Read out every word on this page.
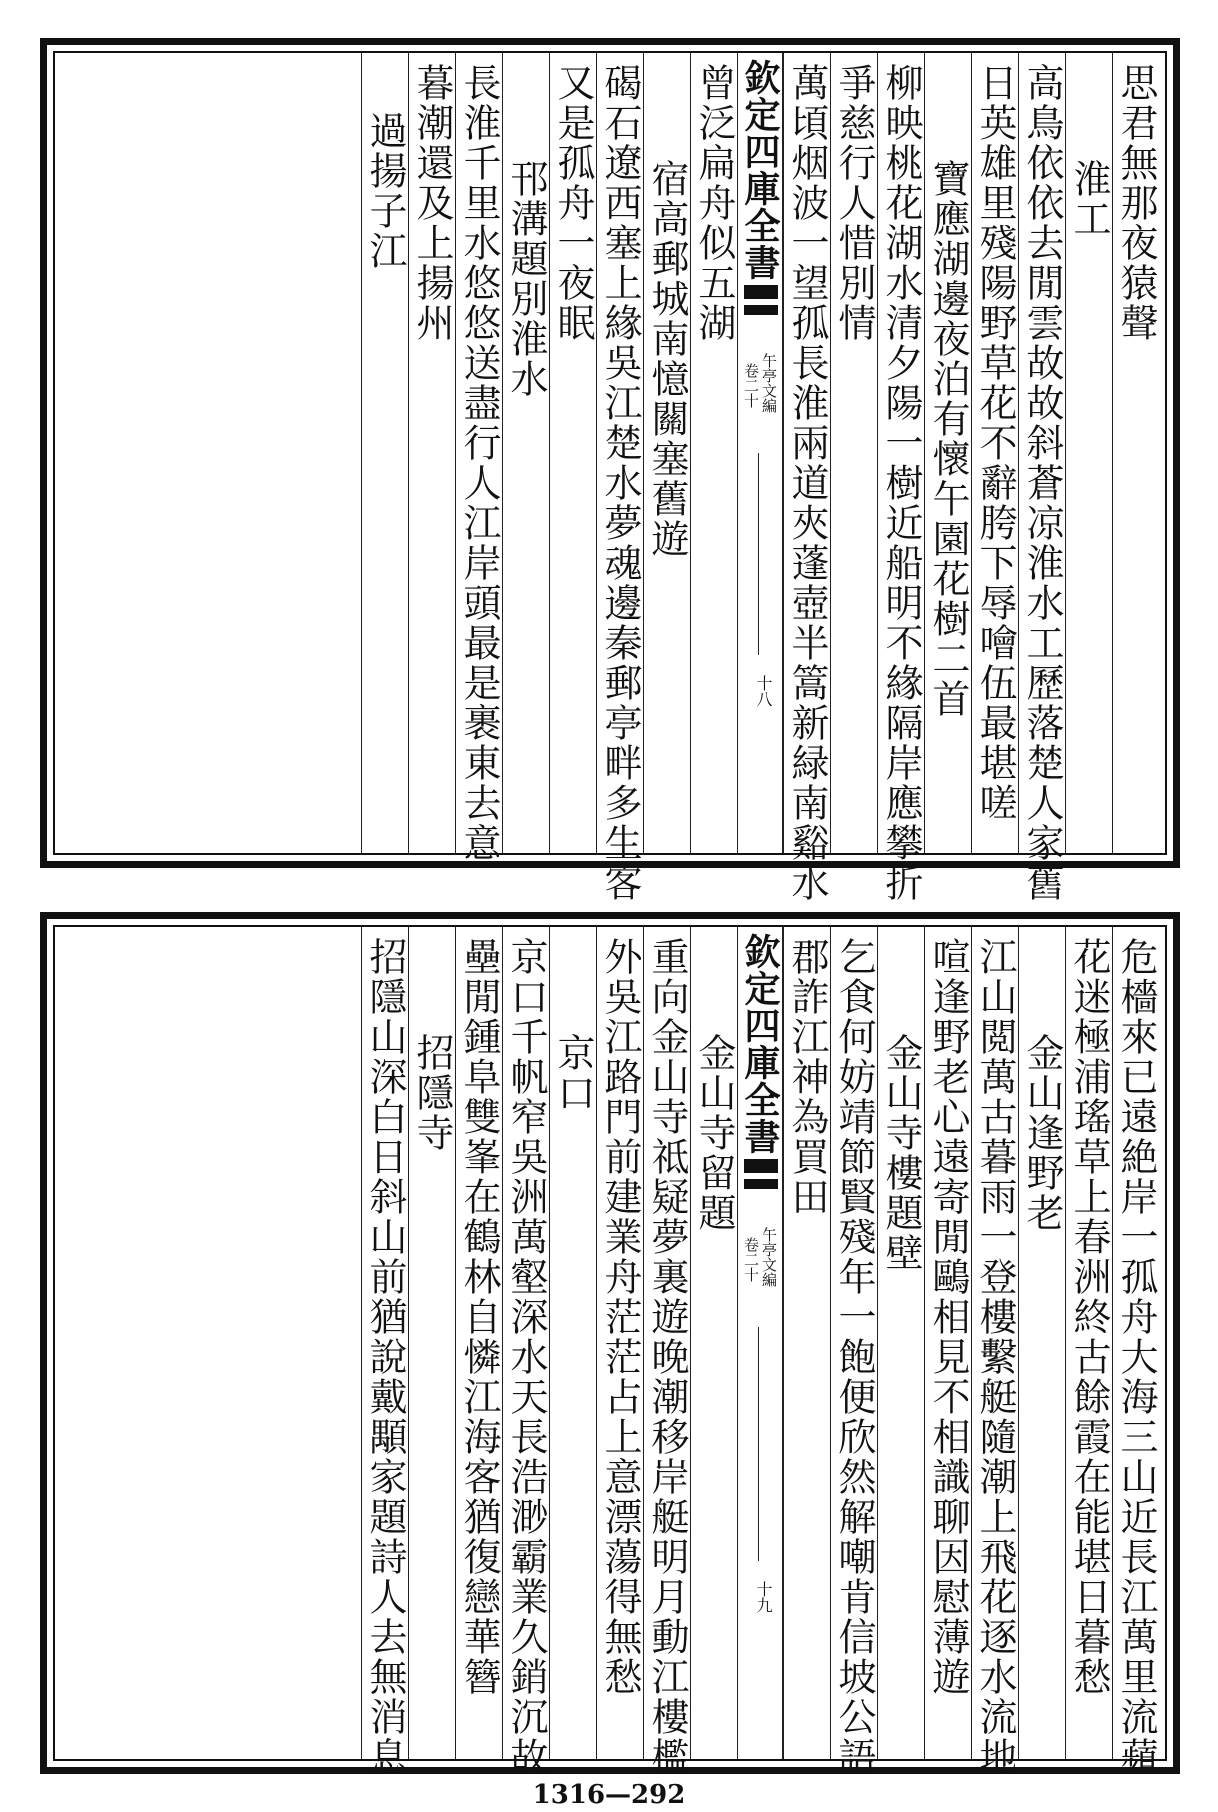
思君無那夜猿聲
淮工
高鳥依依去閒雲故故斜蒼凉淮水工歷落楚人家舊
日英雄里殘陽野草花不辭胯下辱噲伍最堪嗟
寶應湖邊夜泊有懷午園花樹二首
柳映桃花湖水清夕陽一樹近船明不緣隔岸應攀折
爭慈行人惜別情
萬頃烟波一望孤長淮兩道夾蓬壺半篙新緑南谿水
欽定四庫全書
午亭文編
卷二十
十八
曾泛扁舟似五湖
宿高郵城南憶關塞舊遊
碣石遼西塞上緣吳江楚水夢魂邊秦郵亭畔多生客
又是孤舟一夜眠
邗溝題別淮水
長淮千里水悠悠送盡行人江岸頭最是裹東去意
暮潮還及上揚州
過揚子江
危檣來已遠絶岸一孤舟大海三山近長江萬里流蘋
花迷極浦瑤草上春洲終古餘霞在能堪日暮愁
金山逢野老
江山閲萬古暮雨一登樓繫艇隨潮上飛花逐水流地
喧逢野老心遠寄閒鷗相見不相識聊因慰薄遊
金山寺樓題壁
乞食何妨靖節賢殘年一飽便欣然解嘲肯信坡公語
郡詐江神為買田
欽定四庫全書
午亭文編
卷二十
十九
金山寺留題
重向金山寺祗疑夢裏遊晚潮移岸艇明月動江樓檻
外吳江路門前建業舟茫茫占上意漂蕩得無愁
京口
京口千帆窄吳洲萬壑深水天長浩渺霸業久銷沉故
壘閒鍾阜雙峯在鶴林自憐江海客猶復戀華簪
招隱寺
招隱山深白日斜山前猶說戴顒家題詩人去無消息
1316—292
